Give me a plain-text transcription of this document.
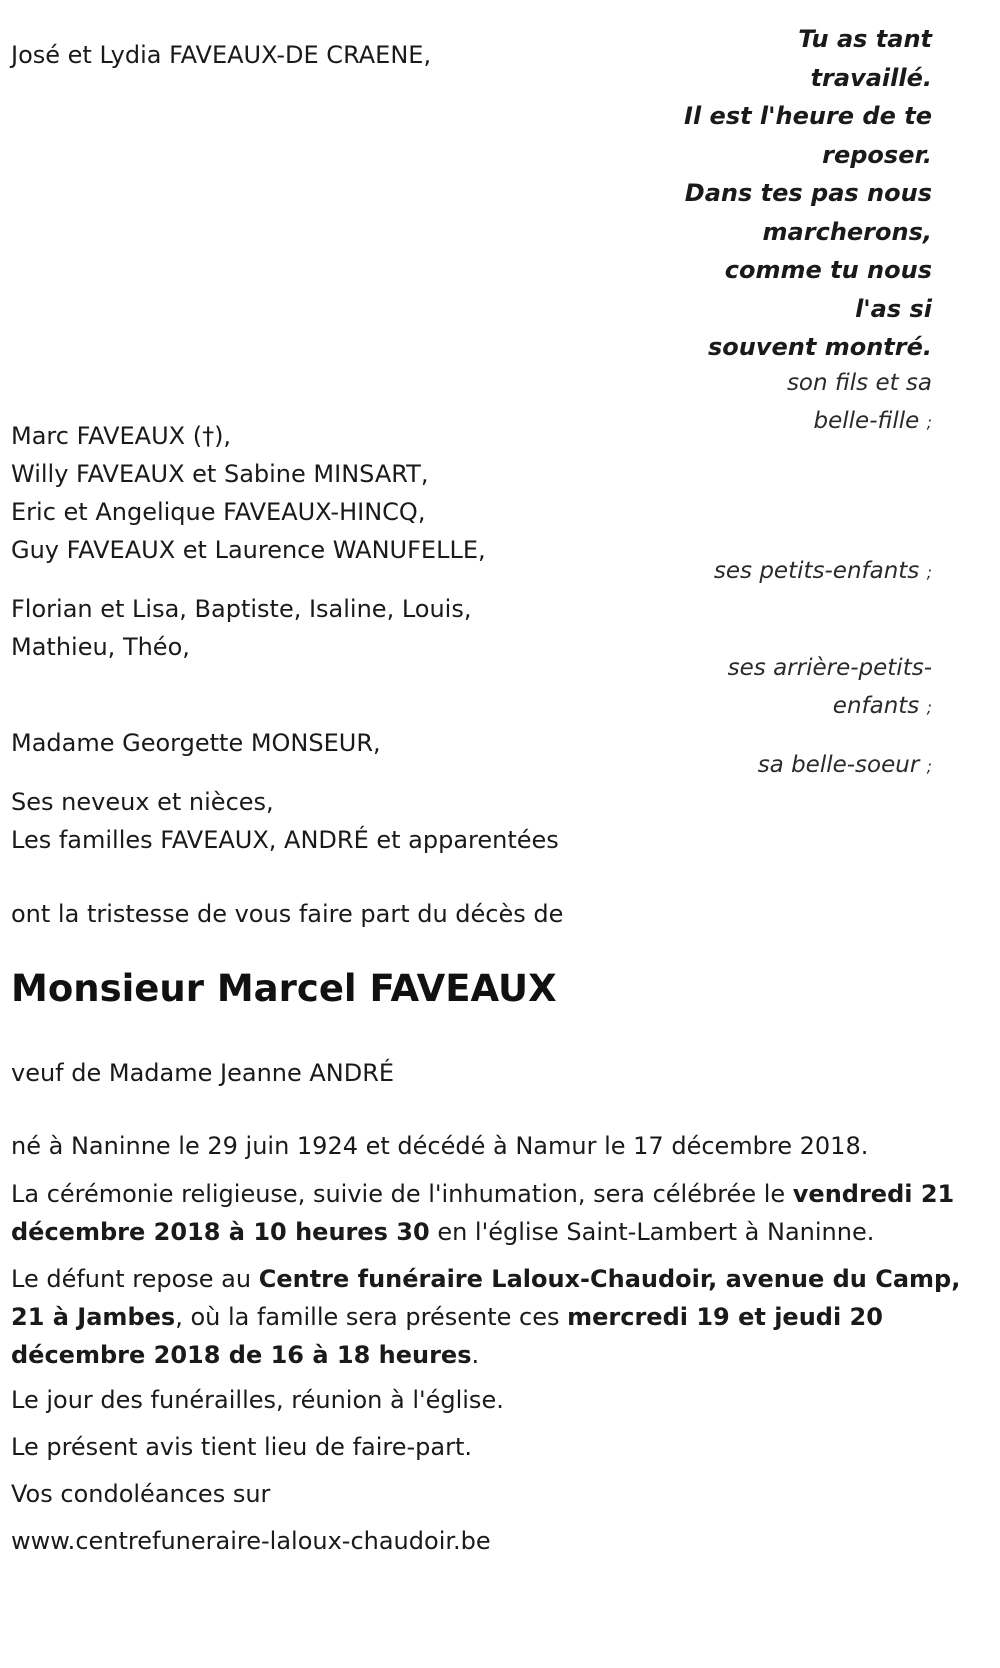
José et Lydia FAVEAUX-DE CRAENE,
Tu as tant
travaillé.
Il est l'heure de te
reposer.
Dans tes pas nous
marcherons,
comme tu nous
l'as si
souvent montré.
son fils et sa
belle-fille ;
Marc FAVEAUX (†),
Willy FAVEAUX et Sabine MINSART,
Eric et Angelique FAVEAUX-HINCQ,
Guy FAVEAUX et Laurence WANUFELLE,
ses petits-enfants ;
Florian et Lisa, Baptiste, Isaline, Louis,
Mathieu, Théo,
ses arrière-petits-
enfants ;
Madame Georgette MONSEUR,
sa belle-soeur ;
Ses neveux et nièces,
Les familles FAVEAUX, ANDRÉ et apparentées
ont la tristesse de vous faire part du décès de
Monsieur Marcel FAVEAUX
veuf de Madame Jeanne ANDRÉ
né à Naninne le 29 juin 1924 et décédé à Namur le 17 décembre 2018.
La cérémonie religieuse, suivie de l'inhumation, sera célébrée le vendredi 21 décembre 2018 à 10 heures 30 en l'église Saint-Lambert à Naninne.
Le défunt repose au Centre funéraire Laloux-Chaudoir, avenue du Camp, 21 à Jambes, où la famille sera présente ces mercredi 19 et jeudi 20 décembre 2018 de 16 à 18 heures.
Le jour des funérailles, réunion à l'église.
Le présent avis tient lieu de faire-part.
Vos condoléances sur
www.centrefuneraire-laloux-chaudoir.be
